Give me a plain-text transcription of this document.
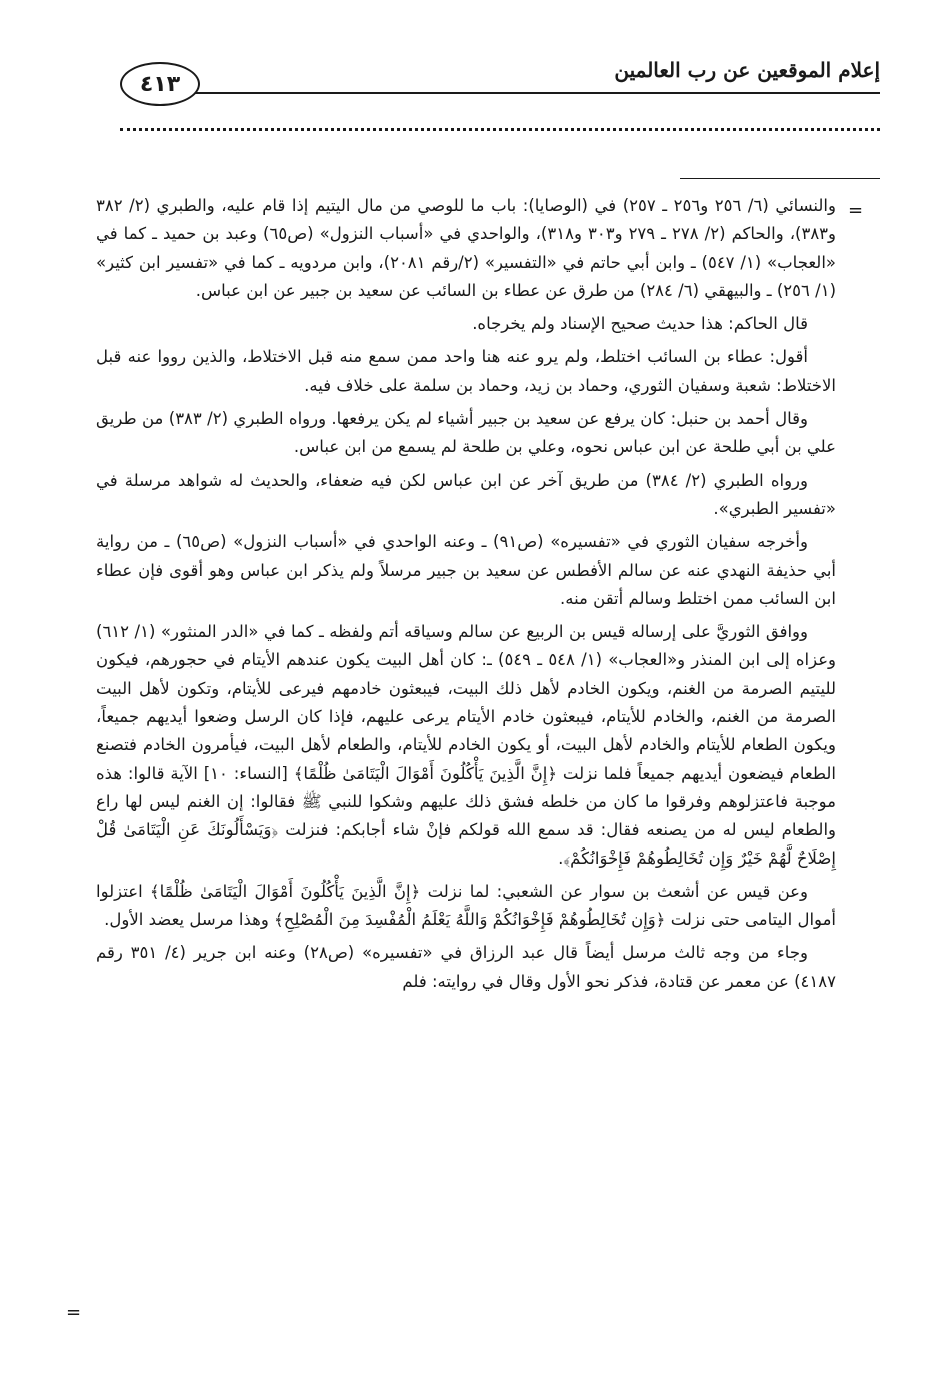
إعلام الموقعين عن رب العالمين
٤١٣
=
=

والنسائي (٦/ ٢٥٦ و٢٥٦ ـ ٢٥٧) في (الوصايا): باب ما للوصي من مال اليتيم إذا قام عليه، والطبري (٢/ ٣٨٢ و٣٨٣)، والحاكم (٢/ ٢٧٨ ـ ٢٧٩ و٣٠٣ و٣١٨)، والواحدي في «أسباب النزول» (ص٦٥) وعبد بن حميد ـ كما في «العجاب» (١/ ٥٤٧) ـ وابن أبي حاتم في «التفسير» (٢/رقم ٢٠٨١)، وابن مردويه ـ كما في «تفسير ابن كثير» (١/ ٢٥٦) ـ والبيهقي (٦/ ٢٨٤) من طرق عن عطاء بن السائب عن سعيد بن جبير عن ابن عباس.

قال الحاكم: هذا حديث صحيح الإسناد ولم يخرجاه.

أقول: عطاء بن السائب اختلط، ولم يرو عنه هنا واحد ممن سمع منه قبل الاختلاط، والذين رووا عنه قبل الاختلاط: شعبة وسفيان الثوري، وحماد بن زيد، وحماد بن سلمة على خلاف فيه.

وقال أحمد بن حنبل: كان يرفع عن سعيد بن جبير أشياء لم يكن يرفعها. ورواه الطبري (٢/ ٣٨٣) من طريق علي بن أبي طلحة عن ابن عباس نحوه، وعلي بن طلحة لم يسمع من ابن عباس.

ورواه الطبري (٢/ ٣٨٤) من طريق آخر عن ابن عباس لكن فيه ضعفاء، والحديث له شواهد مرسلة في «تفسير الطبري».

وأخرجه سفيان الثوري في «تفسيره» (ص٩١) ـ وعنه الواحدي في «أسباب النزول» (ص٦٥) ـ من رواية أبي حذيفة النهدي عنه عن سالم الأفطس عن سعيد بن جبير مرسلاً ولم يذكر ابن عباس وهو أقوى فإن عطاء ابن السائب ممن اختلط وسالم أتقن منه.

ووافق الثوريَّ على إرساله قيس بن الربيع عن سالم وسياقه أتم ولفظه ـ كما في «الدر المنثور» (١/ ٦١٢) وعزاه إلى ابن المنذر و«العجاب» (١/ ٥٤٨ ـ ٥٤٩) ـ: كان أهل البيت يكون عندهم الأيتام في حجورهم، فيكون لليتيم الصرمة من الغنم، ويكون الخادم لأهل ذلك البيت، فيبعثون خادمهم فيرعى للأيتام، وتكون لأهل البيت الصرمة من الغنم، والخادم للأيتام، فيبعثون خادم الأيتام يرعى عليهم، فإذا كان الرسل وضعوا أيديهم جميعاً، ويكون الطعام للأيتام والخادم لأهل البيت، أو يكون الخادم للأيتام، والطعام لأهل البيت، فيأمرون الخادم فتصنع الطعام فيضعون أيديهم جميعاً فلما نزلت ﴿إِنَّ الَّذِينَ يَأْكُلُونَ أَمْوَالَ الْيَتَامَىٰ ظُلْمًا﴾ [النساء: ١٠] الآية قالوا: هذه موجبة فاعتزلوهم وفرقوا ما كان من خلطه فشق ذلك عليهم وشكوا للنبي ﷺ فقالوا: إن الغنم ليس لها راع والطعام ليس له من يصنعه فقال: قد سمع الله قولكم فإنْ شاء أجابكم: فنزلت ﴿وَيَسْأَلُونَكَ عَنِ الْيَتَامَىٰ قُلْ إِصْلَاحٌ لَّهُمْ خَيْرٌ وَإِن تُخَالِطُوهُمْ فَإِخْوَانُكُمْ﴾.

وعن قيس عن أشعث بن سوار عن الشعبي: لما نزلت ﴿إِنَّ الَّذِينَ يَأْكُلُونَ أَمْوَالَ الْيَتَامَىٰ ظُلْمًا﴾ اعتزلوا أموال اليتامى حتى نزلت ﴿وَإِن تُخَالِطُوهُمْ فَإِخْوَانُكُمْ وَاللَّهُ يَعْلَمُ الْمُفْسِدَ مِنَ الْمُصْلِحِ﴾ وهذا مرسل يعضد الأول.

وجاء من وجه ثالث مرسل أيضاً قال عبد الرزاق في «تفسيره» (ص٢٨) وعنه ابن جرير (٤/ ٣٥١ رقم ٤١٨٧) عن معمر عن قتادة، فذكر نحو الأول وقال في روايته: فلم
